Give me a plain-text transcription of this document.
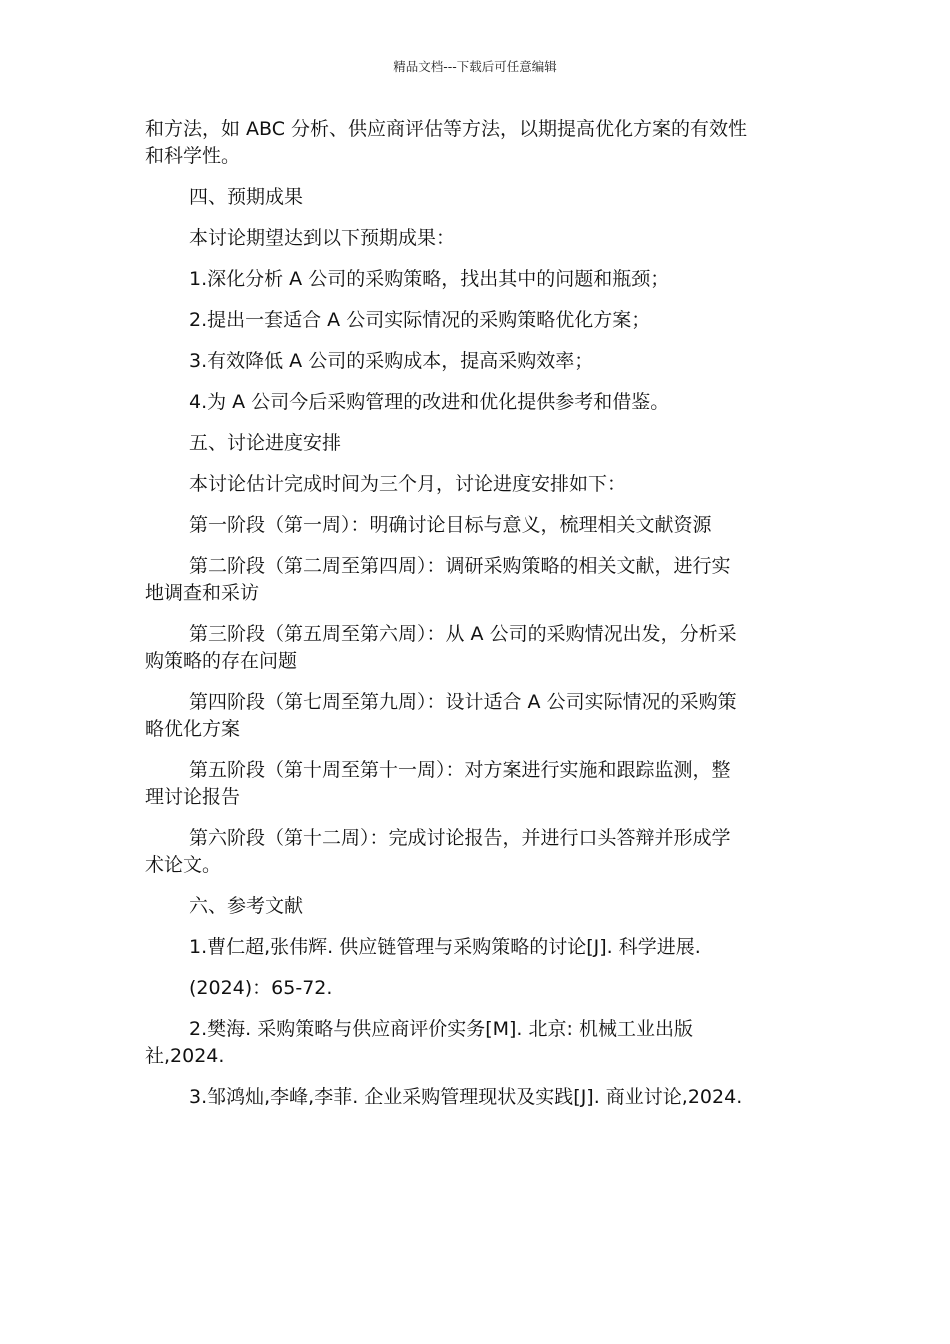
精品文档---下载后可任意编辑
和方法，如 ABC 分析、供应商评估等方法，以期提高优化方案的有效性
和科学性。
四、预期成果
本讨论期望达到以下预期成果：
1.深化分析 A 公司的采购策略，找出其中的问题和瓶颈；
2.提出一套适合 A 公司实际情况的采购策略优化方案；
3.有效降低 A 公司的采购成本，提高采购效率；
4.为 A 公司今后采购管理的改进和优化提供参考和借鉴。
五、讨论进度安排
本讨论估计完成时间为三个月，讨论进度安排如下：
第一阶段（第一周）：明确讨论目标与意义，梳理相关文献资源
第二阶段（第二周至第四周）：调研采购策略的相关文献，进行实
地调查和采访
第三阶段（第五周至第六周）：从 A 公司的采购情况出发，分析采
购策略的存在问题
第四阶段（第七周至第九周）：设计适合 A 公司实际情况的采购策
略优化方案
第五阶段（第十周至第十一周）：对方案进行实施和跟踪监测，整
理讨论报告
第六阶段（第十二周）：完成讨论报告，并进行口头答辩并形成学
术论文。
六、参考文献
1.曹仁超,张伟辉. 供应链管理与采购策略的讨论[J]. 科学进展.
(2024)：65-72.
2.樊海. 采购策略与供应商评价实务[M]. 北京: 机械工业出版
社,2024.
3.邹鸿灿,李峰,李菲. 企业采购管理现状及实践[J]. 商业讨论,2024.
